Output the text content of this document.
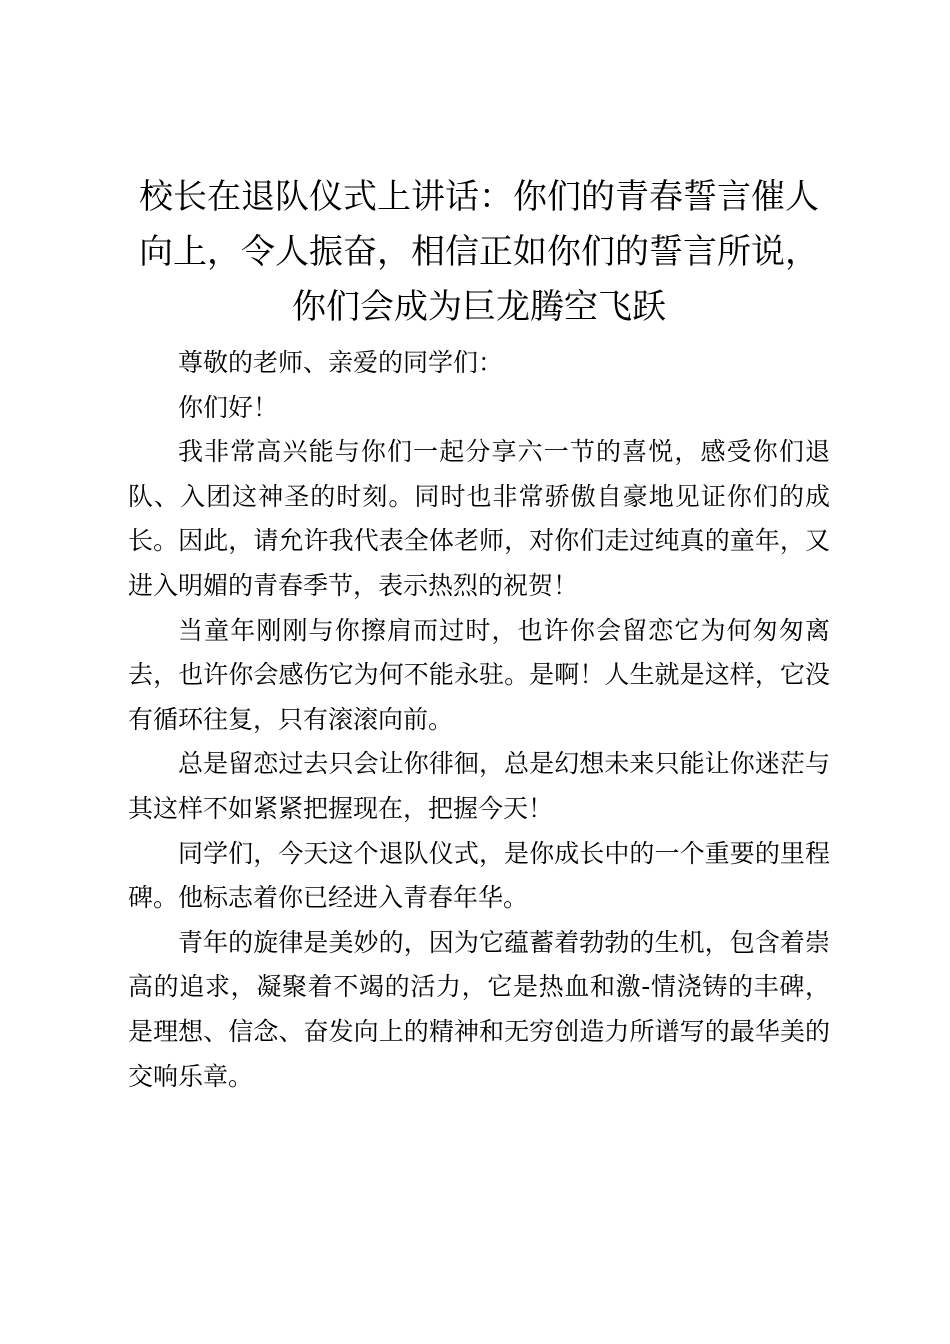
校长在退队仪式上讲话：你们的青春誓言催人向上，令人振奋，相信正如你们的誓言所说，你们会成为巨龙腾空飞跃

尊敬的老师、亲爱的同学们：

你们好！

我非常高兴能与你们一起分享六一节的喜悦，感受你们退队、入团这神圣的时刻。同时也非常骄傲自豪地见证你们的成长。因此，请允许我代表全体老师，对你们走过纯真的童年，又进入明媚的青春季节，表示热烈的祝贺！

当童年刚刚与你擦肩而过时，也许你会留恋它为何匆匆离去，也许你会感伤它为何不能永驻。是啊！人生就是这样，它没有循环往复，只有滚滚向前。

总是留恋过去只会让你徘徊，总是幻想未来只能让你迷茫与其这样不如紧紧把握现在，把握今天！

同学们，今天这个退队仪式，是你成长中的一个重要的里程碑。他标志着你已经进入青春年华。

青年的旋律是美妙的，因为它蕴蓄着勃勃的生机，包含着崇高的追求，凝聚着不竭的活力，它是热血和激-情浇铸的丰碑，是理想、信念、奋发向上的精神和无穷创造力所谱写的最华美的交响乐章。
